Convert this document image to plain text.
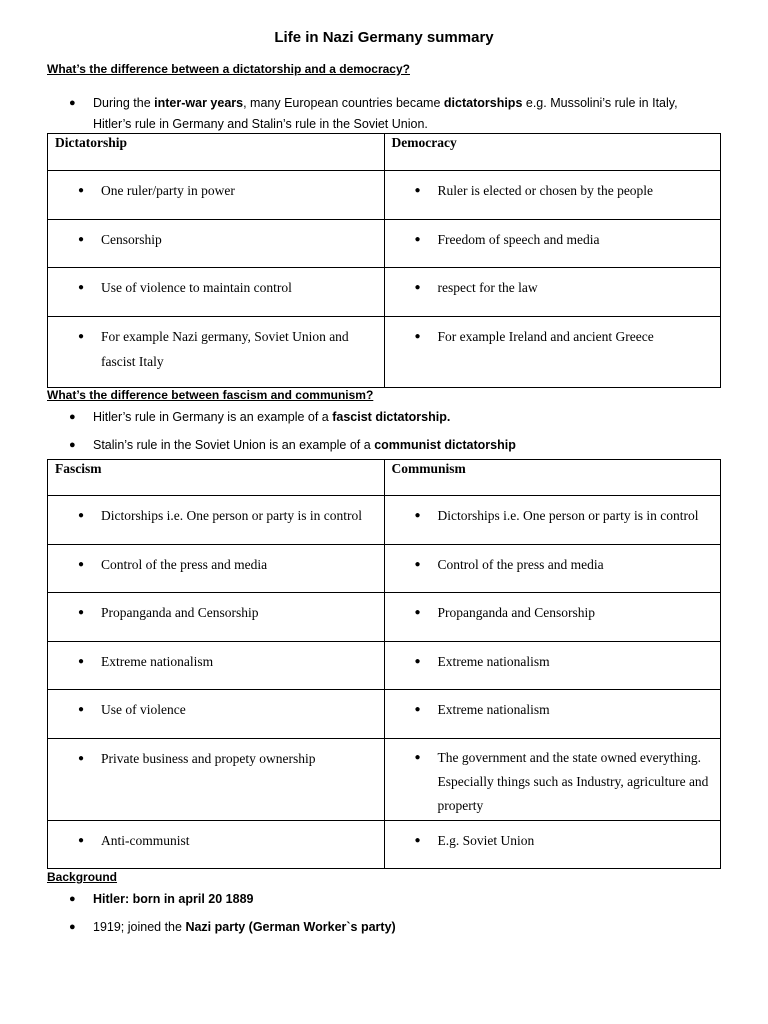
Life in Nazi Germany summary
What’s the difference between a dictatorship and a democracy?
● During the inter-war years, many European countries became dictatorships e.g. Mussolini’s rule in Italy,
Hitler’s rule in Germany and Stalin’s rule in the Soviet Union.
Dictatorship	Democracy

● One ruler/party in power	● Ruler is elected or chosen by the people

● Censorship	● Freedom of speech and media

● Use of violence to maintain control	● respect for the law

● For example Nazi germany, Soviet Union and fascist Italy	● For example Ireland and ancient Greece
What’s the difference between fascism and communism?
● Hitler’s rule in Germany is an example of a fascist dictatorship.
● Stalin’s rule in the Soviet Union is an example of a communist dictatorship
Fascism	Communism

● Dictorships i.e. One person or party is in control	● Dictorships i.e. One person or party is in control

● Control of the press and media	● Control of the press and media

● Propanganda and Censorship	● Propanganda and Censorship

● Extreme nationalism	● Extreme nationalism

● Use of violence	● Extreme nationalism

● Private business and propety ownership	● The government and the state owned everything. Especially things such as Industry, agriculture and property

● Anti-communist	● E.g. Soviet Union
Background
● Hitler: born in april 20 1889
● 1919; joined the Nazi party (German Worker`s party)
